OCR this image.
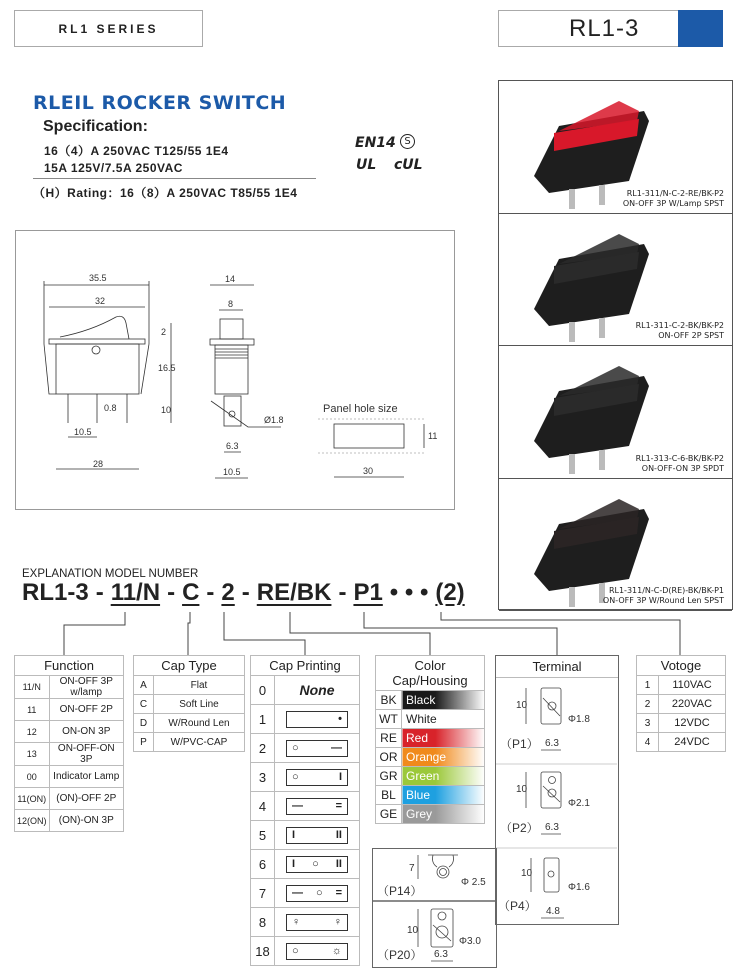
RL1 SERIES	RL1-3
RLEIL ROCKER SWITCH
Specification:
16（4）A 250VAC T125/55 1E4
15A 125V/7.5A 250VAC
（H）Rating：16（8）A 250VAC T85/55 1E4
EN14 S
UL cUL
35.5
32
2
16.5
10
0.8
10.5
28
14
8
Ø1.8
6.3
10.5
Panel hole size
11
30
RL1-311/N-C-2-RE/BK-P2
ON-OFF 3P W/Lamp SPST
RL1-311-C-2-BK/BK-P2
ON-OFF 2P SPST
RL1-313-C-6-BK/BK-P2
ON-OFF-ON 3P SPDT
RL1-311/N-C-D(RE)-BK/BK-P1
ON-OFF 3P W/Round Len SPST
EXPLANATION MODEL NUMBER
RL1-3 - 11/N - C - 2 - RE/BK - P1 • • • (2)
Function	
11/N	ON-OFF 3P w/lamp
11	ON-OFF 2P
12	ON-ON 3P
13	ON-OFF-ON 3P
00	Indicator Lamp
11(ON)	(ON)-OFF 2P
12(ON)	(ON)-ON 3P
Cap Type	
A	Flat
C	Soft Line
D	W/Round Len
P	W/PVC-CAP
Cap Printing	
0	None
1	•

2	○ —

3	○ I

4	— =

5	I II

6	I ○ II

7	— ○ =

8	♀ ♀

18	○ ☼
Color Cap/Housing	
BK	Black
WT	White
RE	Red
OR	Orange
GR	Green
BL	Blue
GE	Grey
Votoge	
1	110VAC
2	220VAC
3	12VDC
4	24VDC
Terminal
10
Φ1.8
6.3
（P1）
10
Φ2.1
6.3
（P2）
10
Φ1.6
4.8
（P4）
7
Φ 2.5
（P14）
10
Φ3.0
6.3
（P20）
